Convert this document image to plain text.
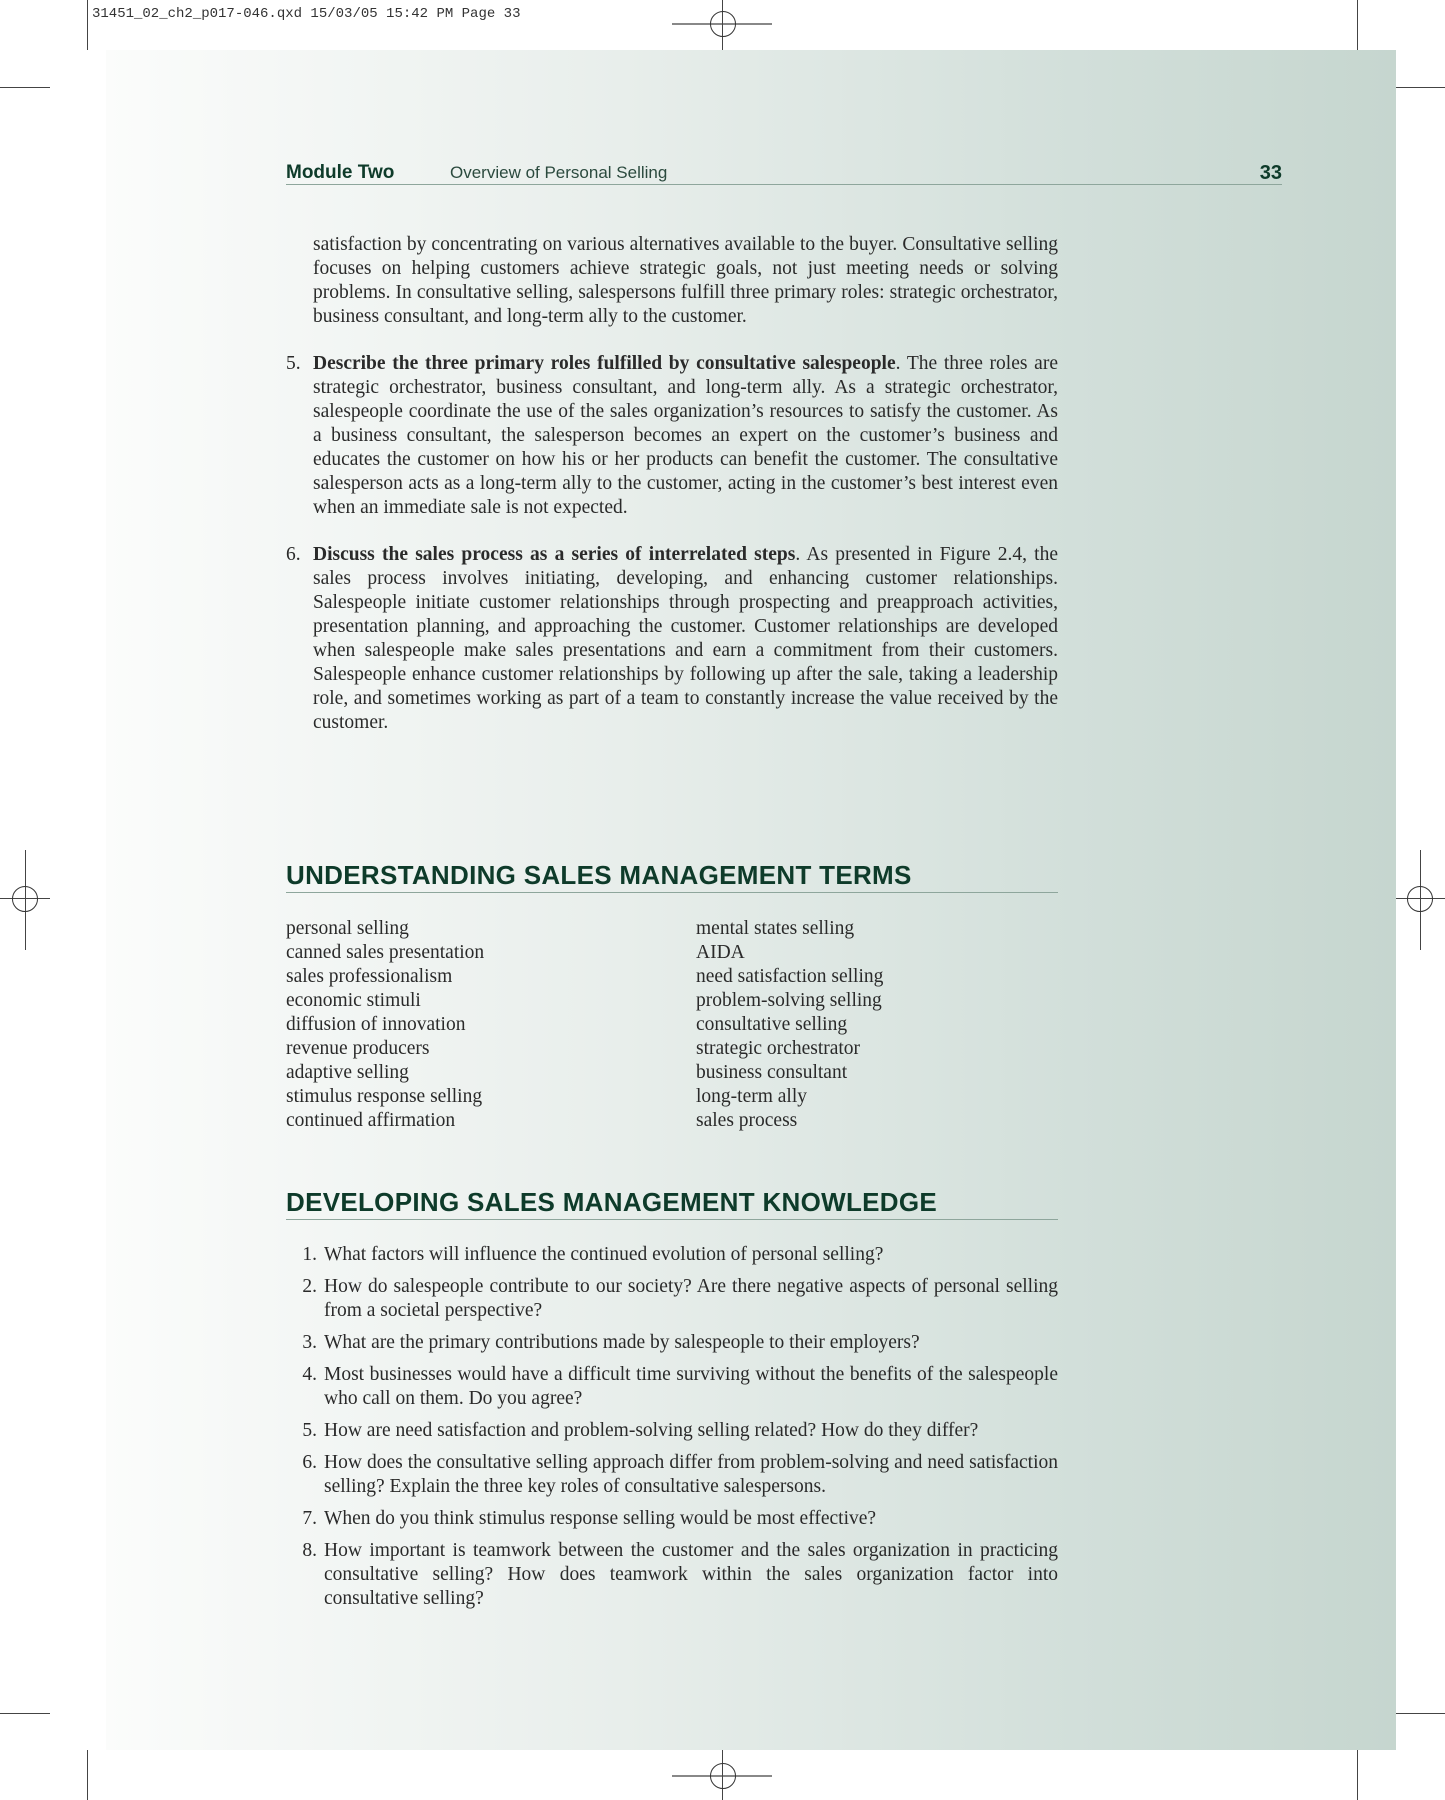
31451_02_ch2_p017-046.qxd 15/03/05 15:42 PM Page 33
Module Two	Overview of Personal Selling	33
satisfaction by concentrating on various alternatives available to the buyer. Consultative selling focuses on helping customers achieve strategic goals, not just meeting needs or solving problems. In consultative selling, salespersons fulfill three primary roles: strategic orchestrator, business consultant, and long-term ally to the customer.
5. Describe the three primary roles fulfilled by consultative salespeople. The three roles are strategic orchestrator, business consultant, and long-term ally. As a strategic orchestrator, salespeople coordinate the use of the sales organization’s resources to satisfy the customer. As a business consultant, the salesperson becomes an expert on the customer’s business and educates the customer on how his or her products can benefit the customer. The consultative salesperson acts as a long-term ally to the customer, acting in the customer’s best interest even when an immediate sale is not expected.
6. Discuss the sales process as a series of interrelated steps. As presented in Figure 2.4, the sales process involves initiating, developing, and enhancing customer relationships. Salespeople initiate customer relationships through prospecting and preapproach activities, presentation planning, and approaching the customer. Customer relationships are developed when salespeople make sales presentations and earn a commitment from their customers. Salespeople enhance customer relationships by following up after the sale, taking a leadership role, and sometimes working as part of a team to constantly increase the value received by the customer.
UNDERSTANDING SALES MANAGEMENT TERMS
personal selling
canned sales presentation
sales professionalism
economic stimuli
diffusion of innovation
revenue producers
adaptive selling
stimulus response selling
continued affirmation
mental states selling
AIDA
need satisfaction selling
problem-solving selling
consultative selling
strategic orchestrator
business consultant
long-term ally
sales process
DEVELOPING SALES MANAGEMENT KNOWLEDGE
1. What factors will influence the continued evolution of personal selling?
2. How do salespeople contribute to our society? Are there negative aspects of personal selling from a societal perspective?
3. What are the primary contributions made by salespeople to their employers?
4. Most businesses would have a difficult time surviving without the benefits of the salespeople who call on them. Do you agree?
5. How are need satisfaction and problem-solving selling related? How do they differ?
6. How does the consultative selling approach differ from problem-solving and need satisfaction selling? Explain the three key roles of consultative salespersons.
7. When do you think stimulus response selling would be most effective?
8. How important is teamwork between the customer and the sales organization in practicing consultative selling? How does teamwork within the sales organization factor into consultative selling?
